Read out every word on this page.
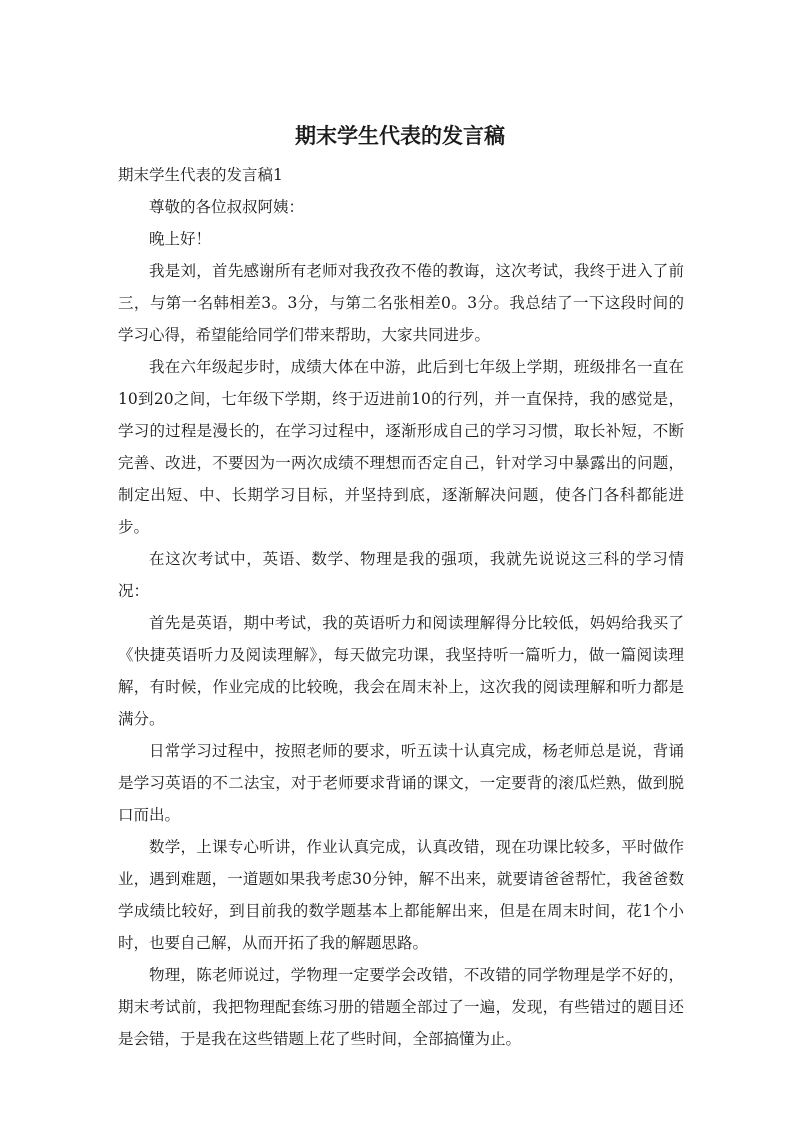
期末学生代表的发言稿

期末学生代表的发言稿1

尊敬的各位叔叔阿姨：

晚上好！

我是刘，首先感谢所有老师对我孜孜不倦的教诲，这次考试，我终于进入了前三，与第一名韩相差3。3分，与第二名张相差0。3分。我总结了一下这段时间的学习心得，希望能给同学们带来帮助，大家共同进步。

我在六年级起步时，成绩大体在中游，此后到七年级上学期，班级排名一直在10到20之间，七年级下学期，终于迈进前10的行列，并一直保持，我的感觉是，学习的过程是漫长的，在学习过程中，逐渐形成自己的学习习惯，取长补短，不断完善、改进，不要因为一两次成绩不理想而否定自己，针对学习中暴露出的问题，制定出短、中、长期学习目标，并坚持到底，逐渐解决问题，使各门各科都能进步。

在这次考试中，英语、数学、物理是我的强项，我就先说说这三科的学习情况：

首先是英语，期中考试，我的英语听力和阅读理解得分比较低，妈妈给我买了《快捷英语听力及阅读理解》，每天做完功课，我坚持听一篇听力，做一篇阅读理解，有时候，作业完成的比较晚，我会在周末补上，这次我的阅读理解和听力都是满分。

日常学习过程中，按照老师的要求，听五读十认真完成，杨老师总是说，背诵是学习英语的不二法宝，对于老师要求背诵的课文，一定要背的滚瓜烂熟，做到脱口而出。

数学，上课专心听讲，作业认真完成，认真改错，现在功课比较多，平时做作业，遇到难题，一道题如果我考虑30分钟，解不出来，就要请爸爸帮忙，我爸爸数学成绩比较好，到目前我的数学题基本上都能解出来，但是在周末时间，花1个小时，也要自己解，从而开拓了我的解题思路。

物理，陈老师说过，学物理一定要学会改错，不改错的同学物理是学不好的，期末考试前，我把物理配套练习册的错题全部过了一遍，发现，有些错过的题目还是会错，于是我在这些错题上花了些时间，全部搞懂为止。
